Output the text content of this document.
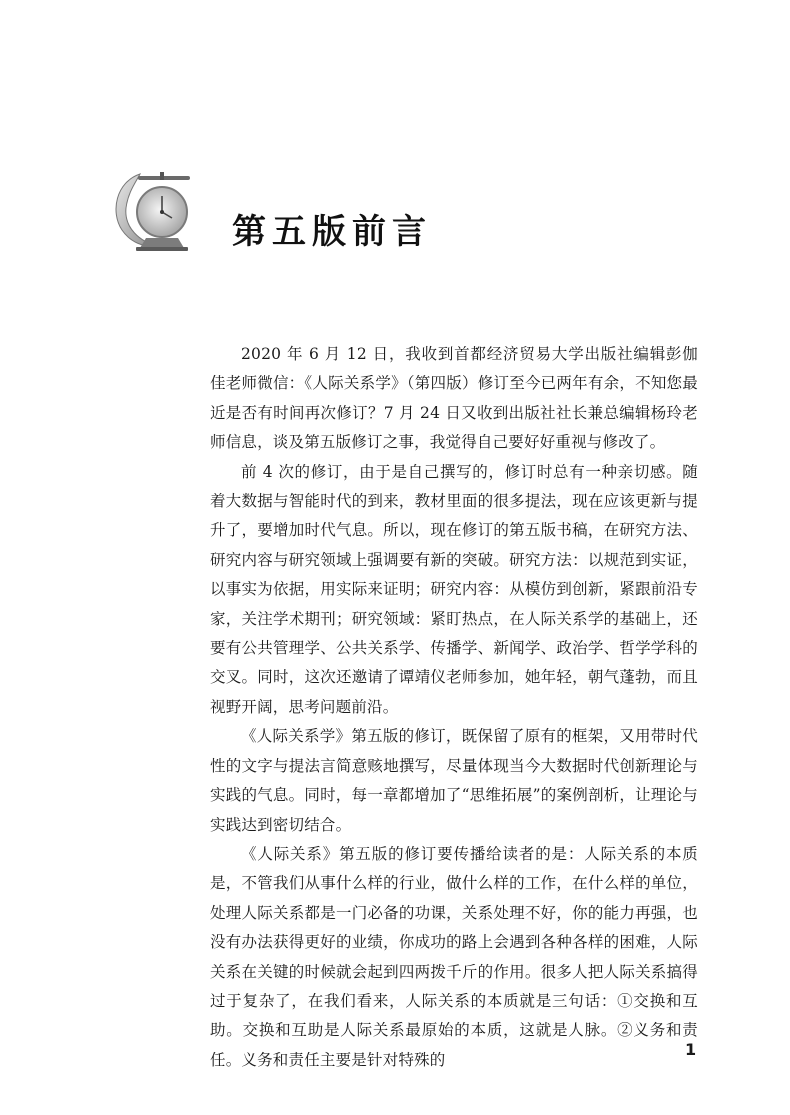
第五版前言

2020 年 6 月 12 日，我收到首都经济贸易大学出版社编辑彭伽佳老师微信：《人际关系学》（第四版）修订至今已两年有余，不知您最近是否有时间再次修订？7 月 24 日又收到出版社社长兼总编辑杨玲老师信息，谈及第五版修订之事，我觉得自己要好好重视与修改了。

前 4 次的修订，由于是自己撰写的，修订时总有一种亲切感。随着大数据与智能时代的到来，教材里面的很多提法，现在应该更新与提升了，要增加时代气息。所以，现在修订的第五版书稿，在研究方法、研究内容与研究领域上强调要有新的突破。研究方法：以规范到实证，以事实为依据，用实际来证明；研究内容：从模仿到创新，紧跟前沿专家，关注学术期刊；研究领域：紧盯热点，在人际关系学的基础上，还要有公共管理学、公共关系学、传播学、新闻学、政治学、哲学学科的交叉。同时，这次还邀请了谭靖仪老师参加，她年轻，朝气蓬勃，而且视野开阔，思考问题前沿。

《人际关系学》第五版的修订，既保留了原有的框架，又用带时代性的文字与提法言简意赅地撰写，尽量体现当今大数据时代创新理论与实践的气息。同时，每一章都增加了“思维拓展”的案例剖析，让理论与实践达到密切结合。

《人际关系》第五版的修订要传播给读者的是：人际关系的本质是，不管我们从事什么样的行业，做什么样的工作，在什么样的单位，处理人际关系都是一门必备的功课，关系处理不好，你的能力再强，也没有办法获得更好的业绩，你成功的路上会遇到各种各样的困难，人际关系在关键的时候就会起到四两拨千斤的作用。很多人把人际关系搞得过于复杂了，在我们看来，人际关系的本质就是三句话：①交换和互助。交换和互助是人际关系最原始的本质，这就是人脉。②义务和责任。义务和责任主要是针对特殊的

1
